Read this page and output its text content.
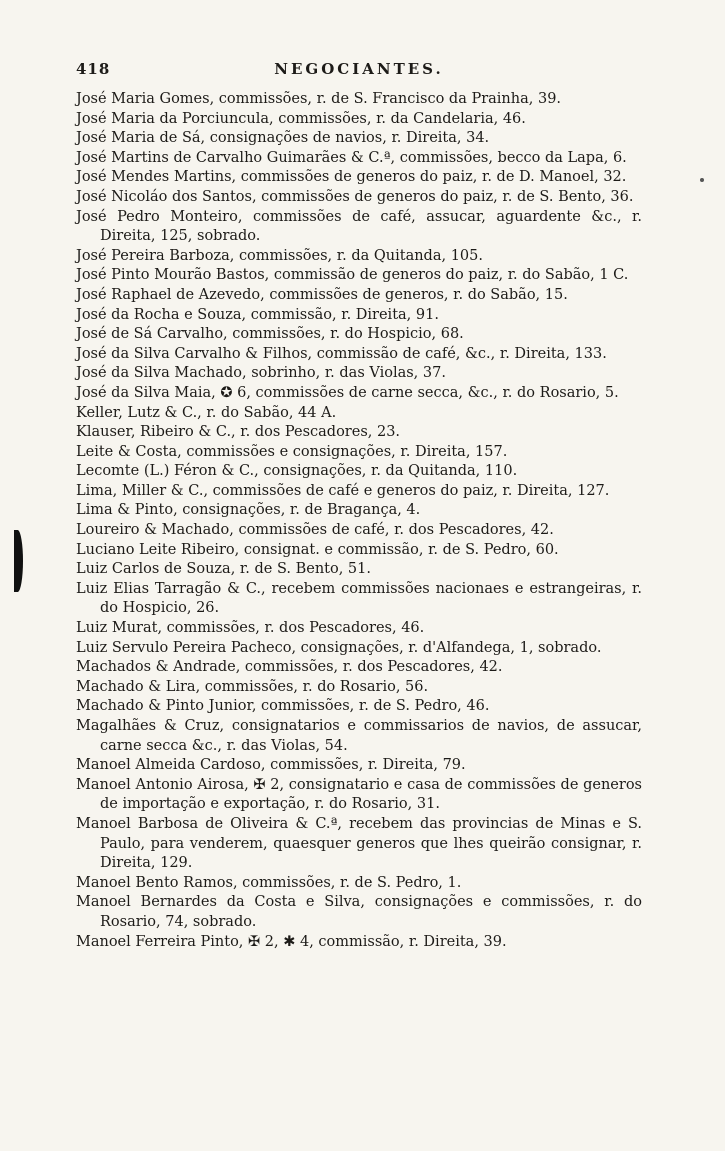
418	NEGOCIANTES.
José Maria Gomes, commissões, r. de S. Francisco da Prainha, 39.
José Maria da Porciuncula, commissões, r. da Candelaria, 46.
José Maria de Sá, consignações de navios, r. Direita, 34.
José Martins de Carvalho Guimarães & C.ª, commissões, becco da Lapa, 6.
José Mendes Martins, commissões de generos do paiz, r. de D. Manoel, 32.
José Nicoláo dos Santos, commissões de generos do paiz, r. de S. Bento, 36.
José Pedro Monteiro, commissões de café, assucar, aguardente &c., r. Direita, 125, sobrado.
José Pereira Barboza, commissões, r. da Quitanda, 105.
José Pinto Mourão Bastos, commissão de generos do paiz, r. do Sabão, 1 C.
José Raphael de Azevedo, commissões de generos, r. do Sabão, 15.
José da Rocha e Souza, commissão, r. Direita, 91.
José de Sá Carvalho, commissões, r. do Hospicio, 68.
José da Silva Carvalho & Filhos, commissão de café, &c., r. Direita, 133.
José da Silva Machado, sobrinho, r. das Violas, 37.
José da Silva Maia, ✪ 6, commissões de carne secca, &c., r. do Rosario, 5.
Keller, Lutz & C., r. do Sabão, 44 A.
Klauser, Ribeiro & C., r. dos Pescadores, 23.
Leite & Costa, commissões e consignações, r. Direita, 157.
Lecomte (L.) Féron & C., consignações, r. da Quitanda, 110.
Lima, Miller & C., commissões de café e generos do paiz, r. Direita, 127.
Lima & Pinto, consignações, r. de Bragança, 4.
Loureiro & Machado, commissões de café, r. dos Pescadores, 42.
Luciano Leite Ribeiro, consignat. e commissão, r. de S. Pedro, 60.
Luiz Carlos de Souza, r. de S. Bento, 51.
Luiz Elias Tarragão & C., recebem commissões nacionaes e estrangeiras, r. do Hospicio, 26.
Luiz Murat, commissões, r. dos Pescadores, 46.
Luiz Servulo Pereira Pacheco, consignações, r. d'Alfandega, 1, sobrado.
Machados & Andrade, commissões, r. dos Pescadores, 42.
Machado & Lira, commissões, r. do Rosario, 56.
Machado & Pinto Junior, commissões, r. de S. Pedro, 46.
Magalhães & Cruz, consignatarios e commissarios de navios, de assucar, carne secca &c., r. das Violas, 54.
Manoel Almeida Cardoso, commissões, r. Direita, 79.
Manoel Antonio Airosa, ✠ 2, consignatario e casa de commissões de generos de importação e exportação, r. do Rosario, 31.
Manoel Barbosa de Oliveira & C.ª, recebem das provincias de Minas e S. Paulo, para venderem, quaesquer generos que lhes queirão consignar, r. Direita, 129.
Manoel Bento Ramos, commissões, r. de S. Pedro, 1.
Manoel Bernardes da Costa e Silva, consignações e commissões, r. do Rosario, 74, sobrado.
Manoel Ferreira Pinto, ✠ 2, ✱ 4, commissão, r. Direita, 39.
